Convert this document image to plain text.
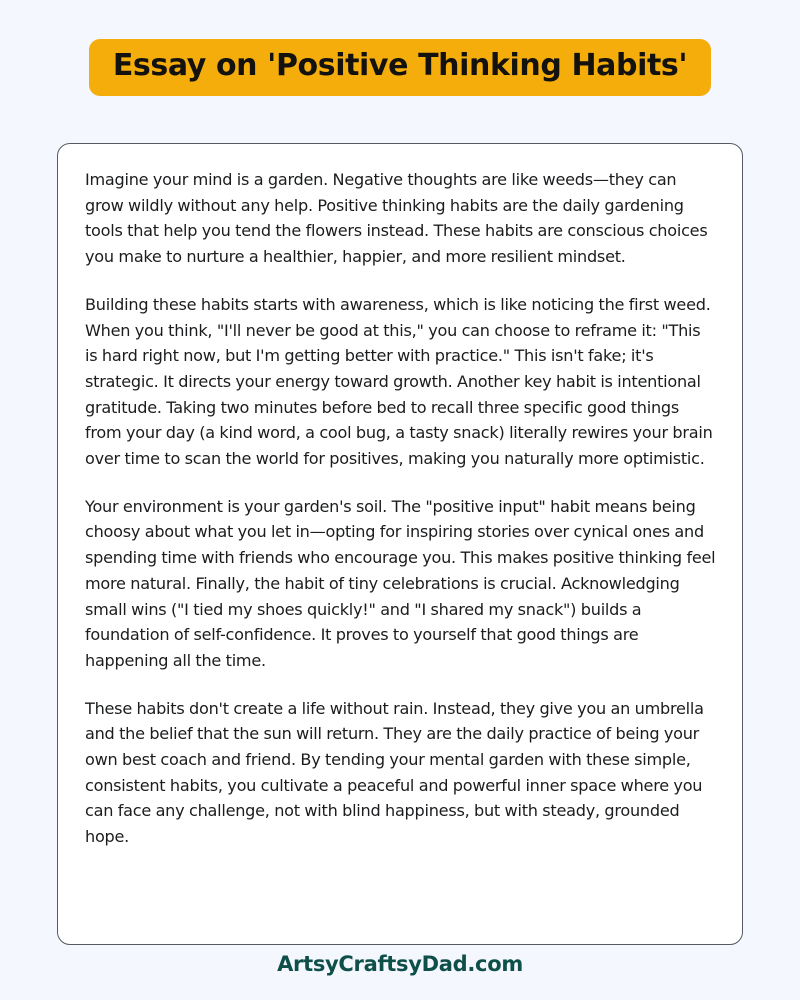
Essay on 'Positive Thinking Habits'

Imagine your mind is a garden. Negative thoughts are like weeds—they can grow wildly without any help. Positive thinking habits are the daily gardening tools that help you tend the flowers instead. These habits are conscious choices you make to nurture a healthier, happier, and more resilient mindset.

Building these habits starts with awareness, which is like noticing the first weed. When you think, "I'll never be good at this," you can choose to reframe it: "This is hard right now, but I'm getting better with practice." This isn't fake; it's strategic. It directs your energy toward growth. Another key habit is intentional gratitude. Taking two minutes before bed to recall three specific good things from your day (a kind word, a cool bug, a tasty snack) literally rewires your brain over time to scan the world for positives, making you naturally more optimistic.

Your environment is your garden's soil. The "positive input" habit means being choosy about what you let in—opting for inspiring stories over cynical ones and spending time with friends who encourage you. This makes positive thinking feel more natural. Finally, the habit of tiny celebrations is crucial. Acknowledging small wins ("I tied my shoes quickly!" and "I shared my snack") builds a foundation of self-confidence. It proves to yourself that good things are happening all the time.

These habits don't create a life without rain. Instead, they give you an umbrella and the belief that the sun will return. They are the daily practice of being your own best coach and friend. By tending your mental garden with these simple, consistent habits, you cultivate a peaceful and powerful inner space where you can face any challenge, not with blind happiness, but with steady, grounded hope.

ArtsyCraftsyDad.com
